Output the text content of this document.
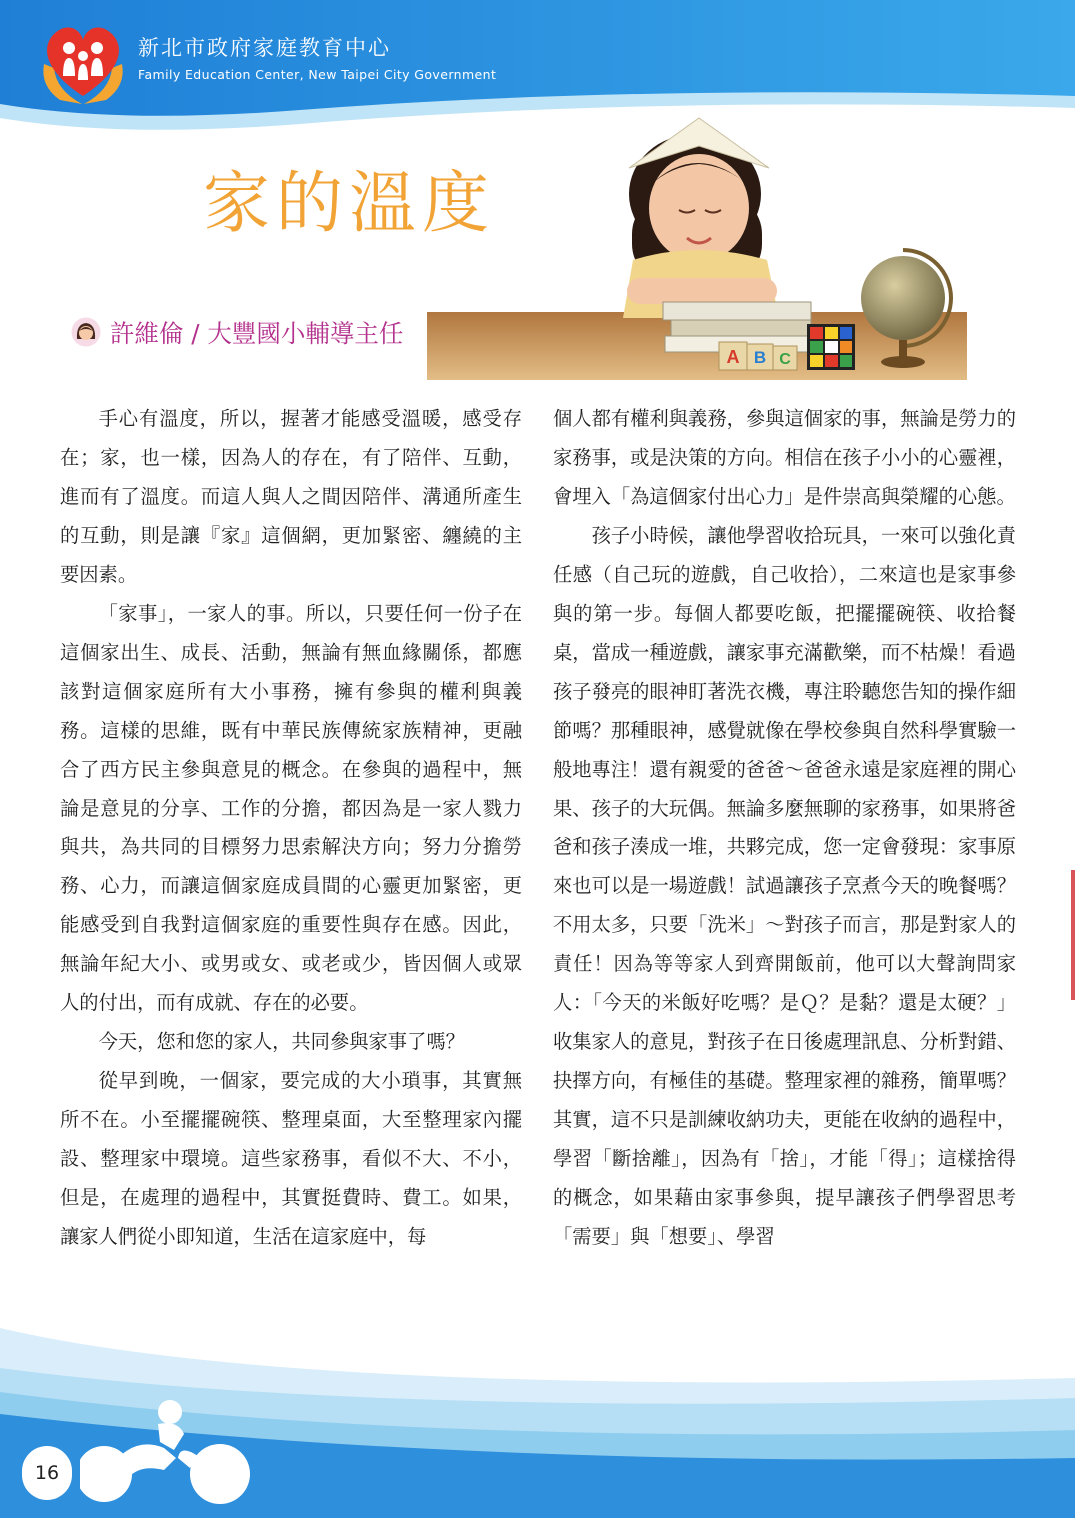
新北市政府家庭教育中心
Family Education Center, New Taipei City Government
A B C
家的溫度
許維倫 / 大豐國小輔導主任

手心有溫度，所以，握著才能感受溫暖，感受存在；家，也一樣，因為人的存在，有了陪伴、互動，進而有了溫度。而這人與人之間因陪伴、溝通所產生的互動，則是讓『家』這個網，更加緊密、纏繞的主要因素。

「家事」，一家人的事。所以，只要任何一份子在這個家出生、成長、活動，無論有無血緣關係，都應該對這個家庭所有大小事務，擁有參與的權利與義務。這樣的思維，既有中華民族傳統家族精神，更融合了西方民主參與意見的概念。在參與的過程中，無論是意見的分享、工作的分擔，都因為是一家人戮力與共，為共同的目標努力思索解決方向；努力分擔勞務、心力，而讓這個家庭成員間的心靈更加緊密，更能感受到自我對這個家庭的重要性與存在感。因此，無論年紀大小、或男或女、或老或少，皆因個人或眾人的付出，而有成就、存在的必要。

今天，您和您的家人，共同參與家事了嗎？

從早到晚，一個家，要完成的大小瑣事，其實無所不在。小至擺擺碗筷、整理桌面，大至整理家內擺設、整理家中環境。這些家務事，看似不大、不小，但是，在處理的過程中，其實挺費時、費工。如果，讓家人們從小即知道，生活在這家庭中，每

個人都有權利與義務，參與這個家的事，無論是勞力的家務事，或是決策的方向。相信在孩子小小的心靈裡，會埋入「為這個家付出心力」是件崇高與榮耀的心態。

孩子小時候，讓他學習收拾玩具，一來可以強化責任感（自己玩的遊戲，自己收拾），二來這也是家事參與的第一步。每個人都要吃飯，把擺擺碗筷、收拾餐桌，當成一種遊戲，讓家事充滿歡樂，而不枯燥！看過孩子發亮的眼神盯著洗衣機，專注聆聽您告知的操作細節嗎？那種眼神，感覺就像在學校參與自然科學實驗一般地專注！還有親愛的爸爸～爸爸永遠是家庭裡的開心果、孩子的大玩偶。無論多麼無聊的家務事，如果將爸爸和孩子湊成一堆，共夥完成，您一定會發現：家事原來也可以是一場遊戲！試過讓孩子烹煮今天的晚餐嗎？不用太多，只要「洗米」～對孩子而言，那是對家人的責任！因為等等家人到齊開飯前，他可以大聲詢問家人：「今天的米飯好吃嗎？是Ｑ？是黏？還是太硬？」收集家人的意見，對孩子在日後處理訊息、分析對錯、抉擇方向，有極佳的基礎。整理家裡的雜務，簡單嗎？其實，這不只是訓練收納功夫，更能在收納的過程中，學習「斷捨離」，因為有「捨」，才能「得」；這樣捨得的概念，如果藉由家事參與，提早讓孩子們學習思考「需要」與「想要」、學習

16
